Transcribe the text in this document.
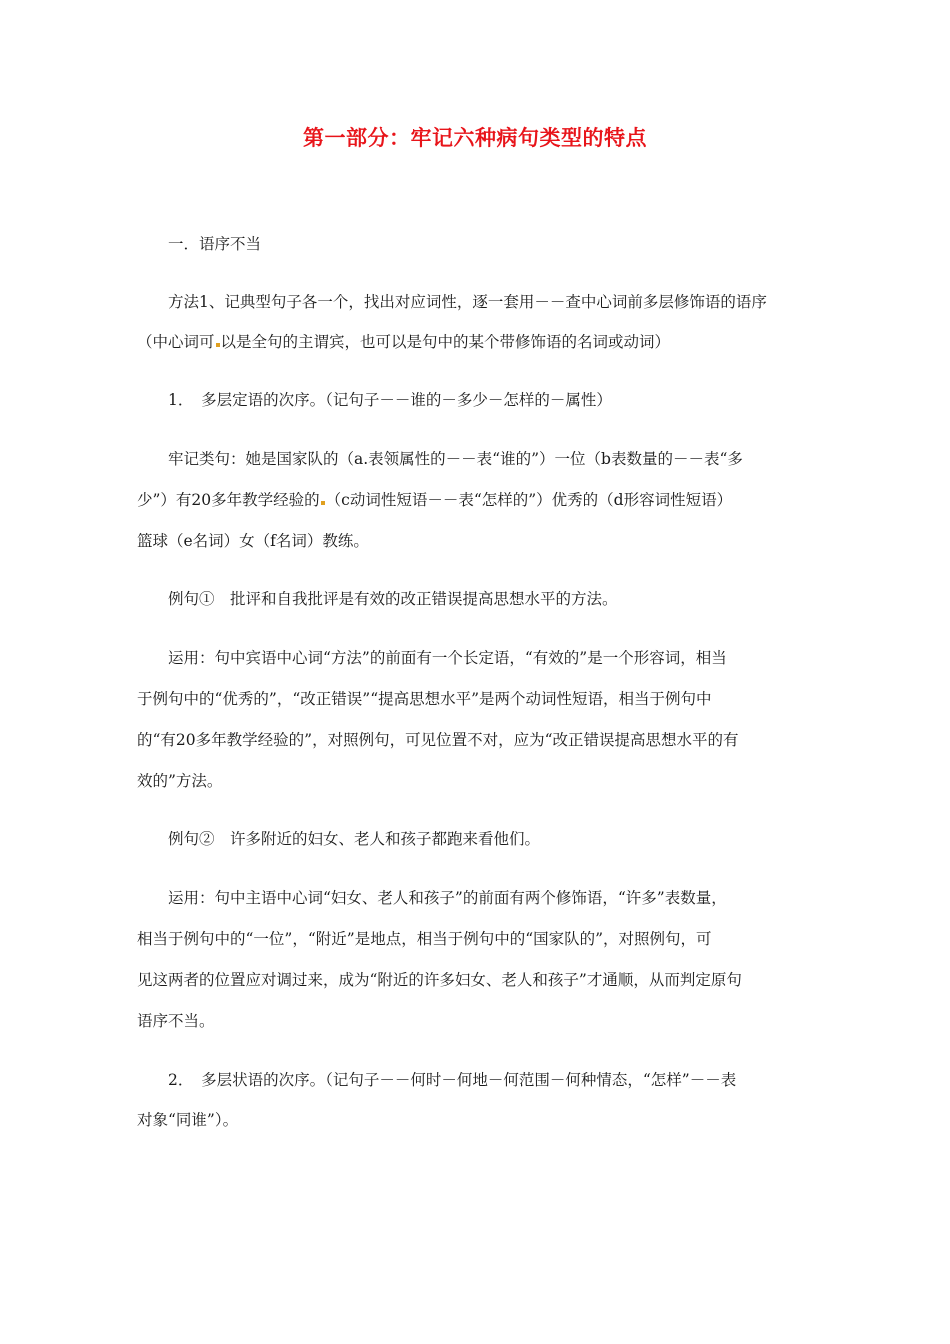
第一部分：牢记六种病句类型的特点

一．语序不当

方法1、记典型句子各一个，找出对应词性，逐一套用－－查中心词前多层修饰语的语序

（中心词可 以是全句的主谓宾，也可以是句中的某个带修饰语的名词或动词）

1．　多层定语的次序。（记句子－－谁的－多少－怎样的－属性）

牢记类句：她是国家队的（a.表领属性的－－表“谁的”）一位（b表数量的－－表“多

少”）有20多年教学经验的 （c动词性短语－－表“怎样的”）优秀的（d形容词性短语）

篮球（e名词）女（f名词）教练。

例句①　批评和自我批评是有效的改正错误提高思想水平的方法。

运用：句中宾语中心词“方法”的前面有一个长定语，“有效的”是一个形容词，相当

于例句中的“优秀的”，“改正错误”“提高思想水平”是两个动词性短语，相当于例句中

的“有20多年教学经验的”，对照例句，可见位置不对，应为“改正错误提高思想水平的有

效的”方法。

例句②　许多附近的妇女、老人和孩子都跑来看他们。

运用：句中主语中心词“妇女、老人和孩子”的前面有两个修饰语，“许多”表数量，

相当于例句中的“一位”，“附近”是地点，相当于例句中的“国家队的”，对照例句，可

见这两者的位置应对调过来，成为“附近的许多妇女、老人和孩子”才通顺，从而判定原句

语序不当。

2．　多层状语的次序。（记句子－－何时－何地－何范围－何种情态，“怎样”－－表

对象“同谁”）。
